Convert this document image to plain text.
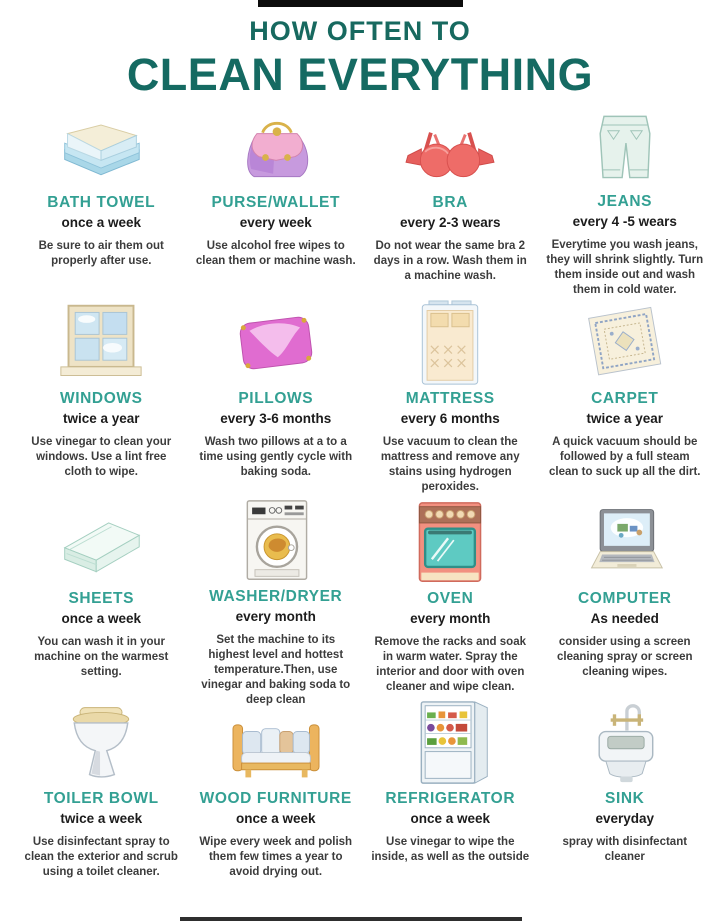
HOW OFTEN TO
CLEAN EVERYTHING
BATH TOWEL
once a week
Be sure to air them out properly after use.
PURSE/WALLET
every week
Use alcohol free wipes to clean them or machine wash.
BRA
every 2-3 wears
Do not wear the same bra 2 days in a row. Wash them in a machine wash.
JEANS
every 4 -5 wears
Everytime you wash jeans, they will shrink slightly. Turn them inside out and wash them in cold water.
WINDOWS
twice a year
Use vinegar to clean your windows. Use a lint free cloth to wipe.
PILLOWS
every 3-6 months
Wash two pillows at a to a time using gently cycle with baking soda.
MATTRESS
every 6 months
Use vacuum to clean the mattress and remove any stains using hydrogen peroxides.
CARPET
twice a year
A quick vacuum should be followed by a full steam clean to suck up all the dirt.
SHEETS
once a week
You can wash it in your machine on the warmest setting.
WASHER/DRYER
every month
Set the machine to its highest level and hottest temperature.Then, use vinegar and baking soda to deep clean
OVEN
every month
Remove the racks and soak in warm water. Spray the interior and door with oven cleaner and wipe clean.
COMPUTER
As needed
consider using a screen cleaning spray or screen cleaning wipes.
TOILER BOWL
twice a week
Use disinfectant spray to clean the exterior and scrub using a toilet cleaner.
WOOD FURNITURE
once a week
Wipe every week and polish them few times a year to avoid drying out.
REFRIGERATOR
once a week
Use vinegar to wipe the inside, as well as the outside
SINK
everyday
spray with disinfectant cleaner
